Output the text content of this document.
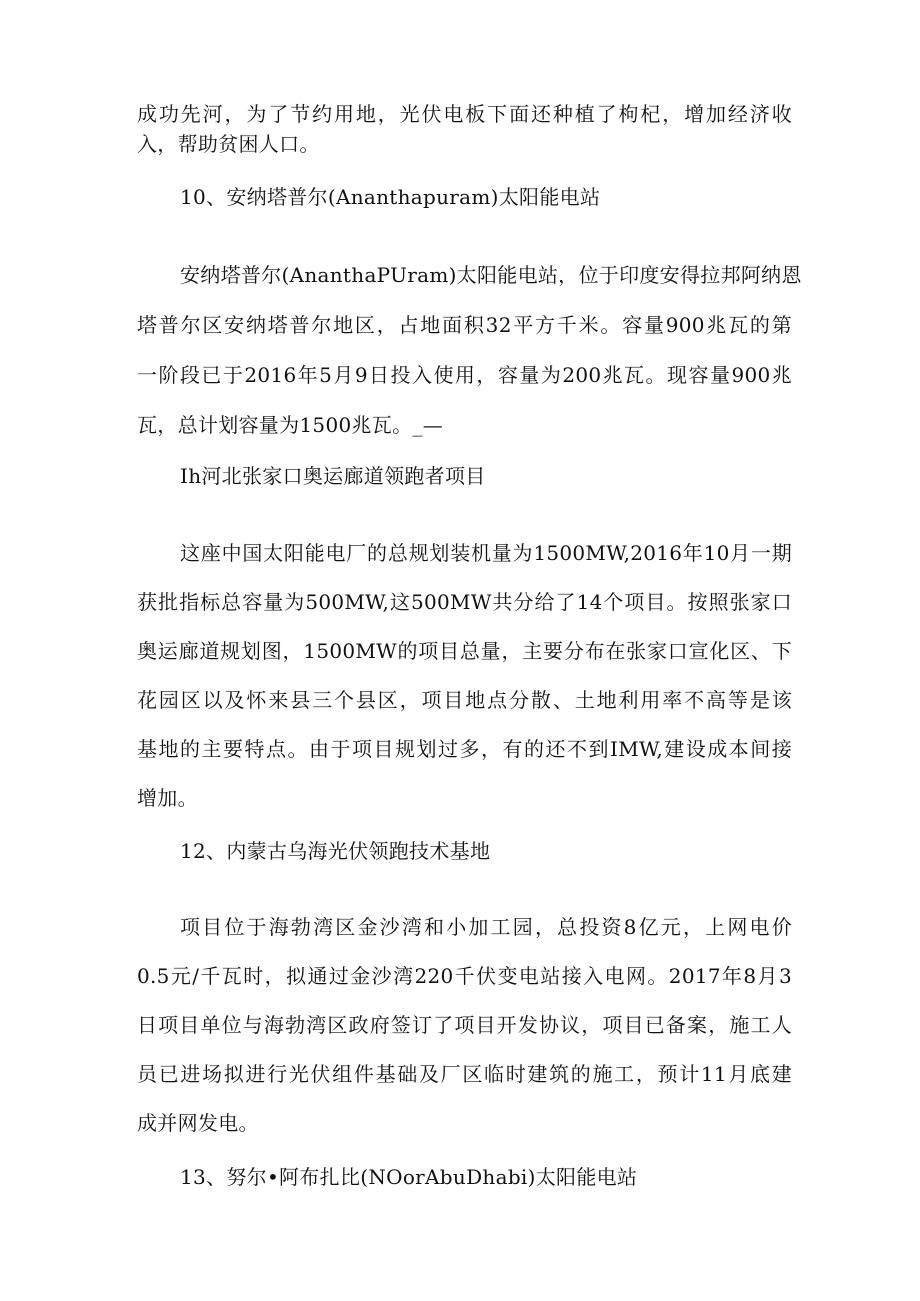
成功先河，为了节约用地，光伏电板下面还种植了枸杞，增加经济收
入，帮助贫困人口。
10、安纳塔普尔(Ananthapuram)太阳能电站
安纳塔普尔(AnanthaPUram)太阳能电站，位于印度安得拉邦阿纳恩
塔普尔区安纳塔普尔地区，占地面积32平方千米。容量900兆瓦的第
一阶段已于2016年5月9日投入使用，容量为200兆瓦。现容量900兆
瓦，总计划容量为1500兆瓦。_—
Ih河北张家口奥运廊道领跑者项目
这座中国太阳能电厂的总规划装机量为1500MW,2016年10月一期
获批指标总容量为500MW,这500MW共分给了14个项目。按照张家口
奥运廊道规划图，1500MW的项目总量，主要分布在张家口宣化区、下
花园区以及怀来县三个县区，项目地点分散、土地利用率不高等是该
基地的主要特点。由于项目规划过多，有的还不到IMW,建设成本间接
增加。
12、内蒙古乌海光伏领跑技术基地
项目位于海勃湾区金沙湾和小加工园，总投资8亿元，上网电价
0.5元/千瓦时，拟通过金沙湾220千伏变电站接入电网。2017年8月3
日项目单位与海勃湾区政府签订了项目开发协议，项目已备案，施工人
员已进场拟进行光伏组件基础及厂区临时建筑的施工，预计11月底建
成并网发电。
13、努尔•阿布扎比(NOorAbuDhabi)太阳能电站
